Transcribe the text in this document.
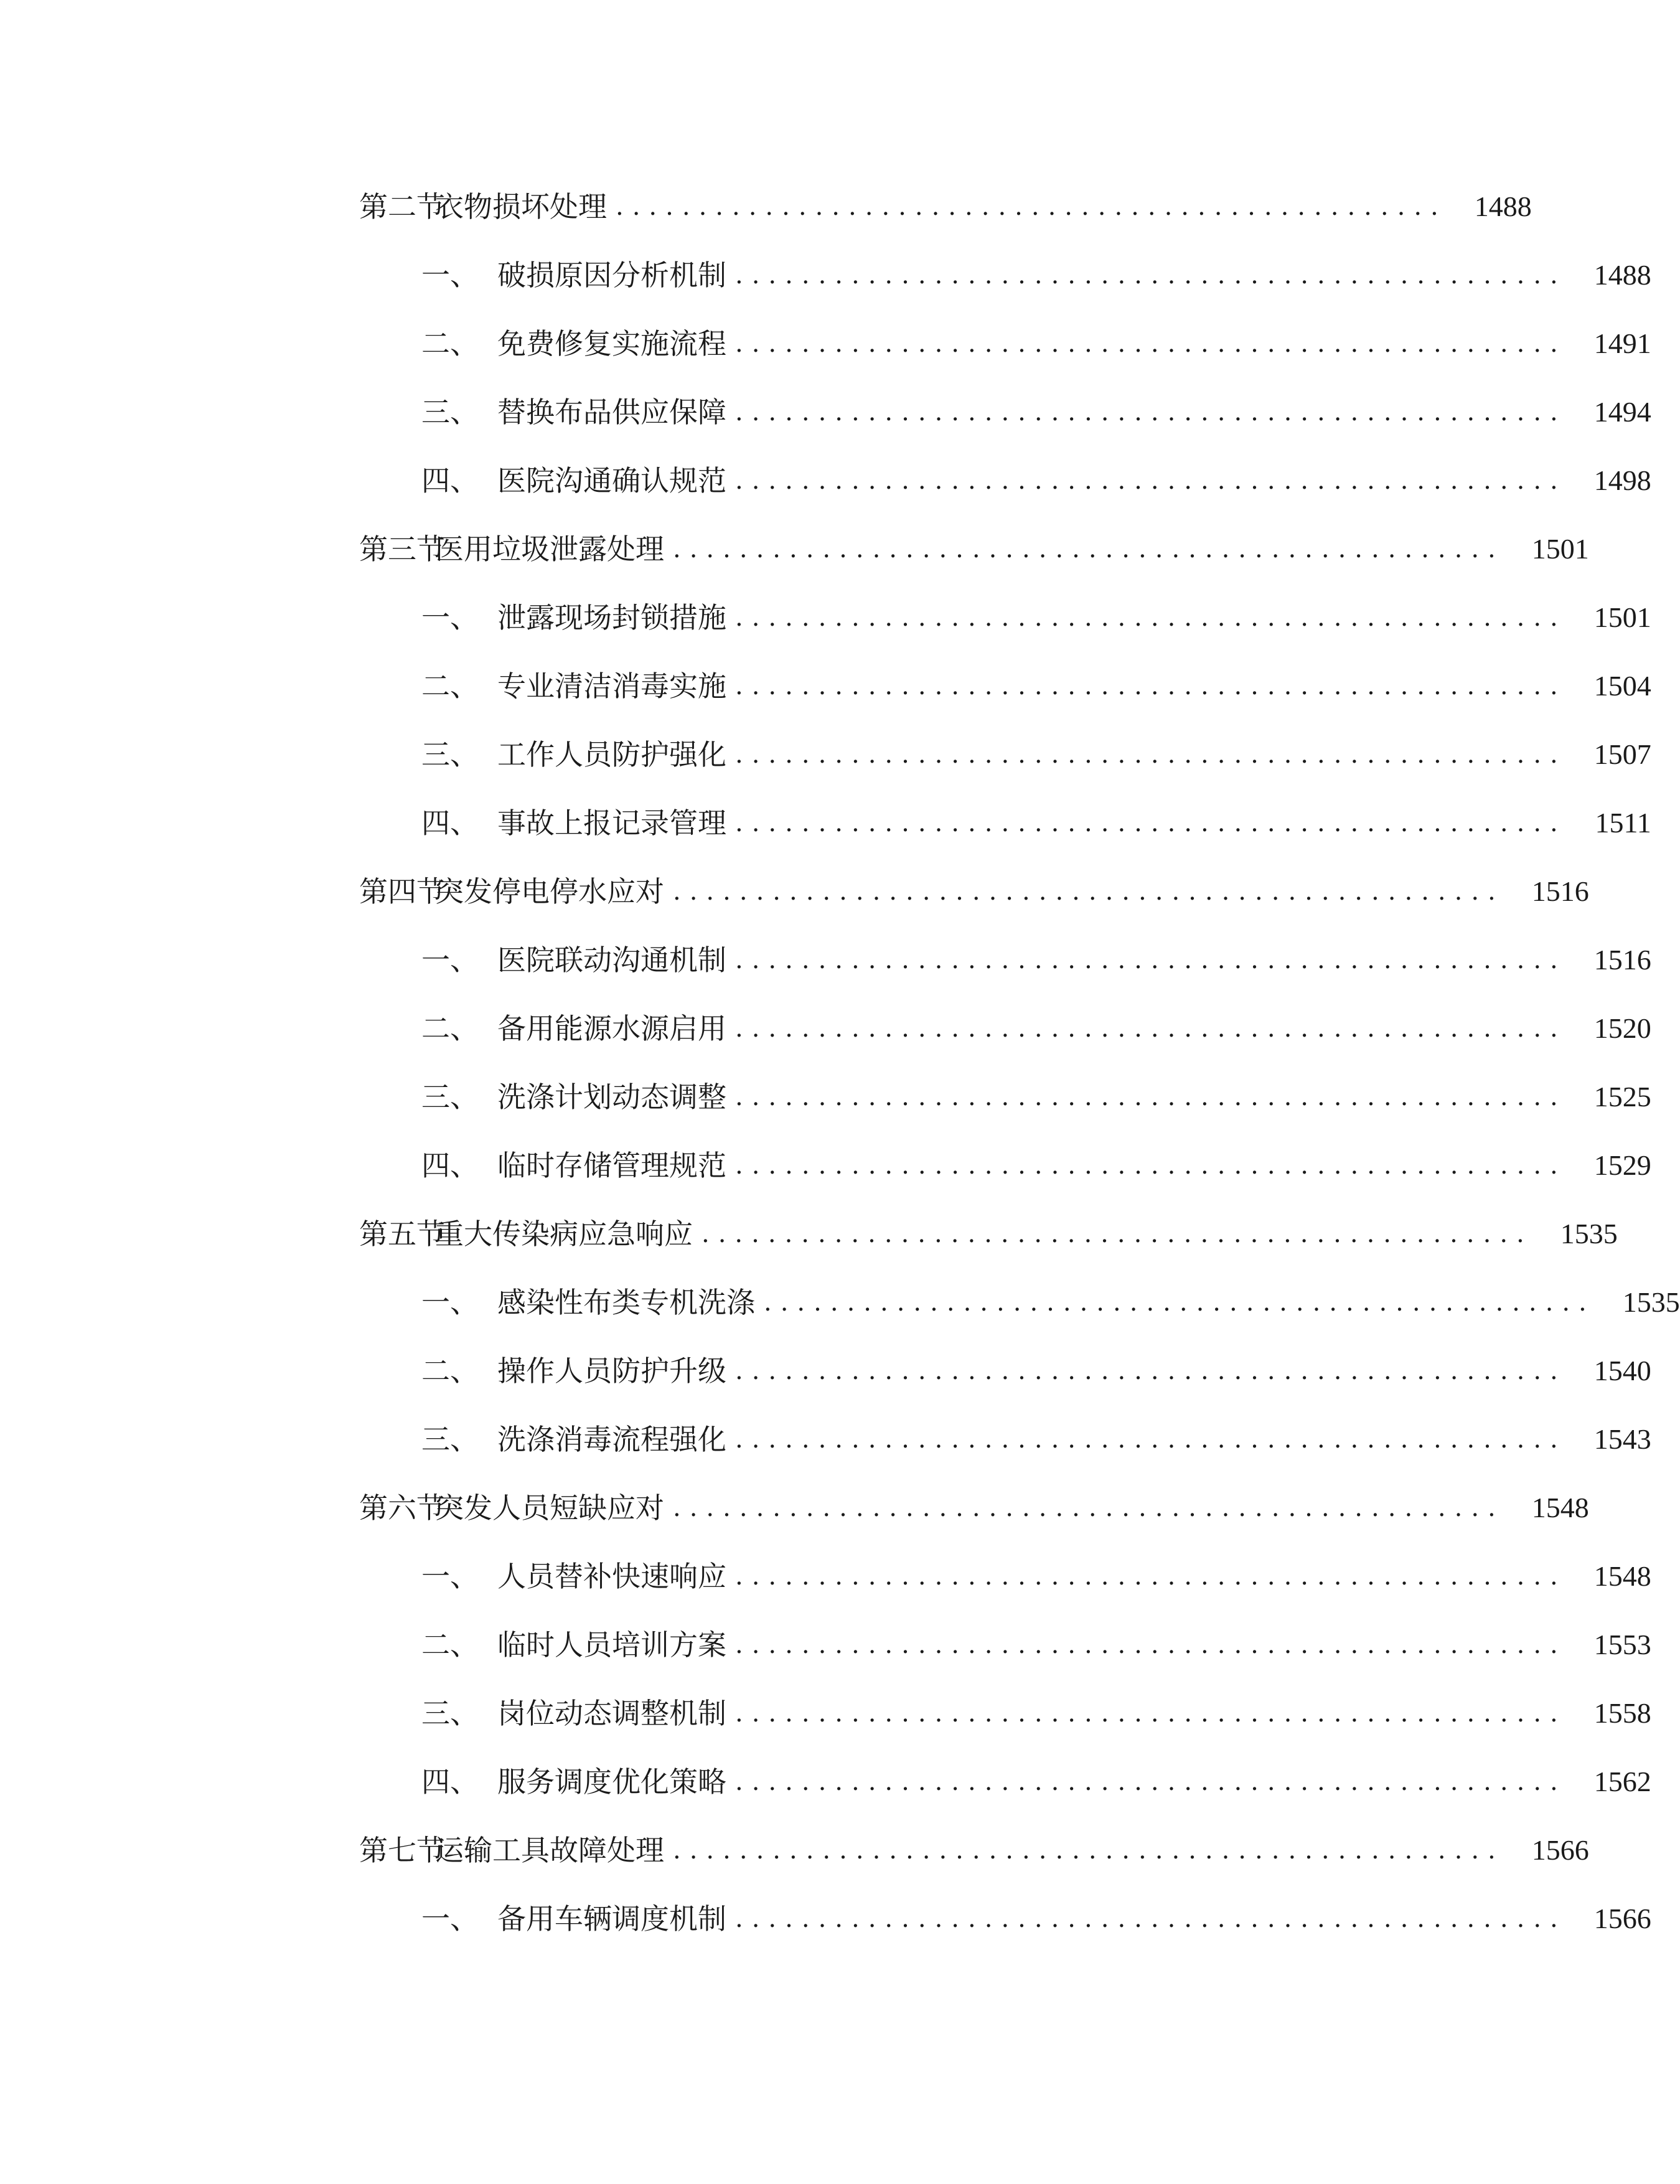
第二节
衣物损坏处理 .................................................. 1488
一、 破损原因分析机制 .................................................. 1488
二、 免费修复实施流程 .................................................. 1491
三、 替换布品供应保障 .................................................. 1494
四、 医院沟通确认规范 .................................................. 1498
第三节
医用垃圾泄露处理 .................................................. 1501
一、 泄露现场封锁措施 .................................................. 1501
二、 专业清洁消毒实施 .................................................. 1504
三、 工作人员防护强化 .................................................. 1507
四、 事故上报记录管理 .................................................. 1511
第四节
突发停电停水应对 .................................................. 1516
一、 医院联动沟通机制 .................................................. 1516
二、 备用能源水源启用 .................................................. 1520
三、 洗涤计划动态调整 .................................................. 1525
四、 临时存储管理规范 .................................................. 1529
第五节
重大传染病应急响应 .................................................. 1535
一、 感染性布类专机洗涤 .................................................. 1535
二、 操作人员防护升级 .................................................. 1540
三、 洗涤消毒流程强化 .................................................. 1543
第六节
突发人员短缺应对 .................................................. 1548
一、 人员替补快速响应 .................................................. 1548
二、 临时人员培训方案 .................................................. 1553
三、 岗位动态调整机制 .................................................. 1558
四、 服务调度优化策略 .................................................. 1562
第七节
运输工具故障处理 .................................................. 1566
一、 备用车辆调度机制 .................................................. 1566
